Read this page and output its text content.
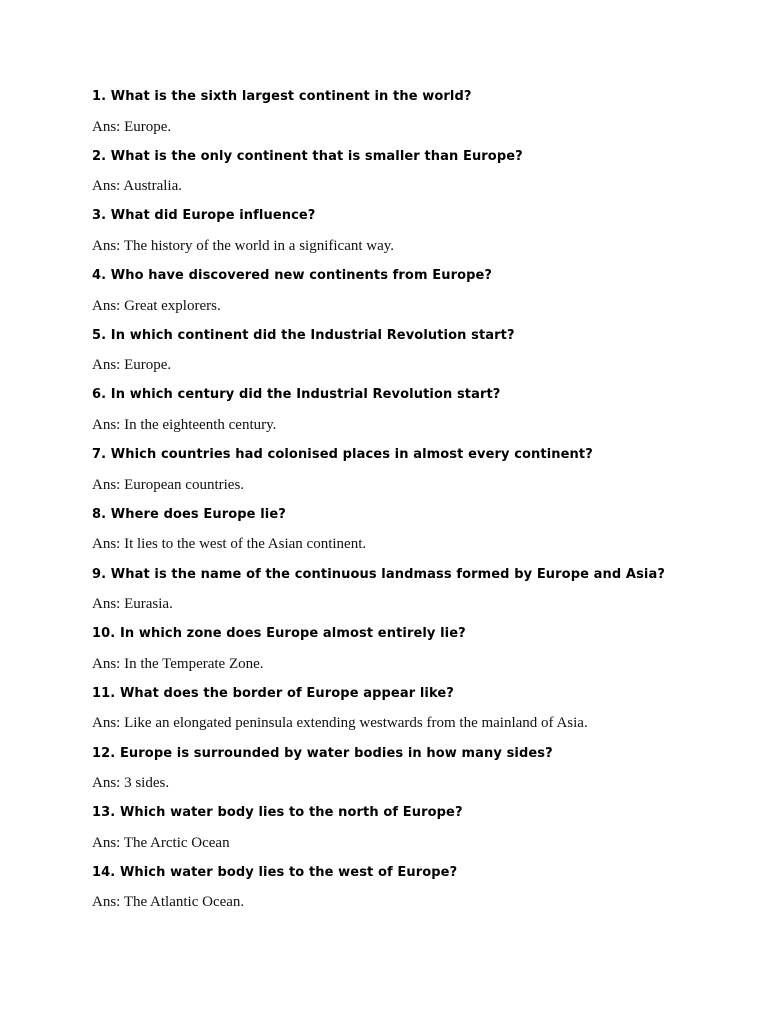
1. What is the sixth largest continent in the world?
Ans: Europe.
2. What is the only continent that is smaller than Europe?
Ans: Australia.
3. What did Europe influence?
Ans: The history of the world in a significant way.
4. Who have discovered new continents from Europe?
Ans: Great explorers.
5. In which continent did the Industrial Revolution start?
Ans: Europe.
6. In which century did the Industrial Revolution start?
Ans: In the eighteenth century.
7. Which countries had colonised places in almost every continent?
Ans: European countries.
8. Where does Europe lie?
Ans: It lies to the west of the Asian continent.
9. What is the name of the continuous landmass formed by Europe and Asia?
Ans: Eurasia.
10. In which zone does Europe almost entirely lie?
Ans: In the Temperate Zone.
11. What does the border of Europe appear like?
Ans: Like an elongated peninsula extending westwards from the mainland of Asia.
12. Europe is surrounded by water bodies in how many sides?
Ans: 3 sides.
13. Which water body lies to the north of Europe?
Ans: The Arctic Ocean
14. Which water body lies to the west of Europe?
Ans: The Atlantic Ocean.
